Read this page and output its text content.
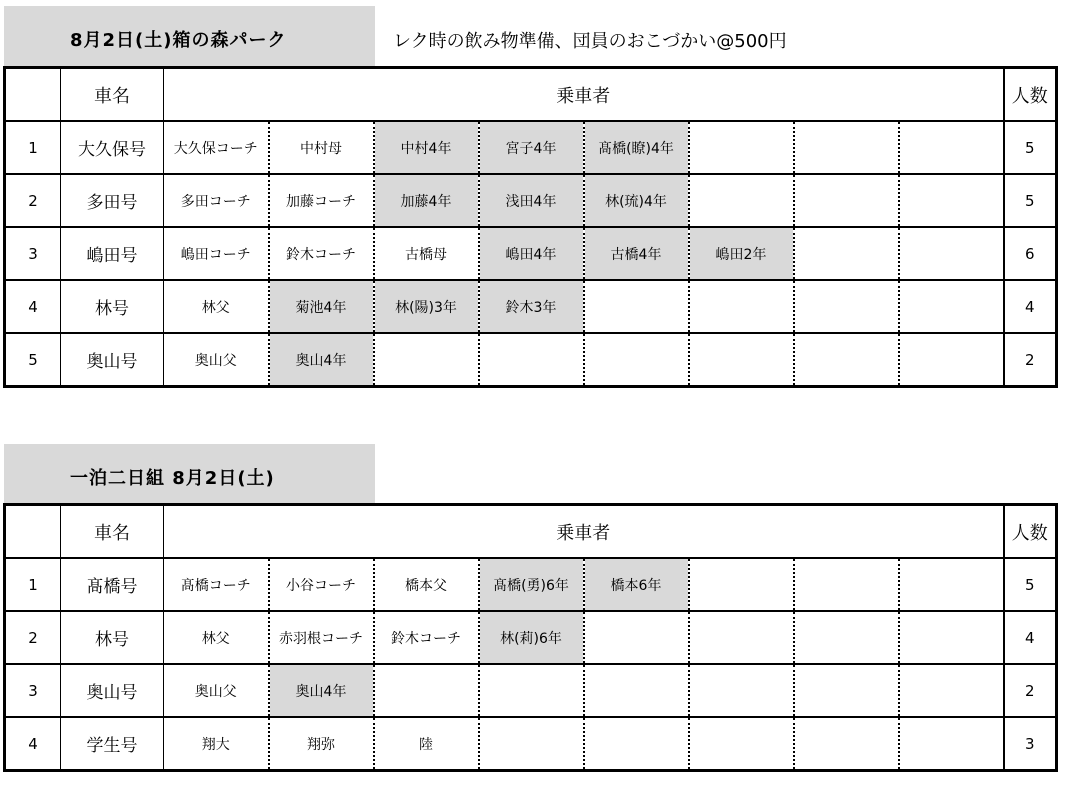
8月2日(土)箱の森パーク	レク時の飲み物準備、団員のおこづかい@500円
	車名	乗車者								人数
1	大久保号	大久保コーチ	中村母	中村4年	宮子4年	髙橋(瞭)4年				5
2	多田号	多田コーチ	加藤コーチ	加藤4年	浅田4年	林(琉)4年				5
3	嶋田号	嶋田コーチ	鈴木コーチ	古橋母	嶋田4年	古橋4年	嶋田2年			6
4	林号	林父	菊池4年	林(陽)3年	鈴木3年					4
5	奥山号	奥山父	奥山4年							2
一泊二日組 8月2日(土)
	車名	乗車者								人数
1	髙橋号	髙橋コーチ	小谷コーチ	橋本父	髙橋(勇)6年	橋本6年				5
2	林号	林父	赤羽根コーチ	鈴木コーチ	林(莉)6年					4
3	奥山号	奥山父	奥山4年							2
4	学生号	翔大	翔弥	陸						3
